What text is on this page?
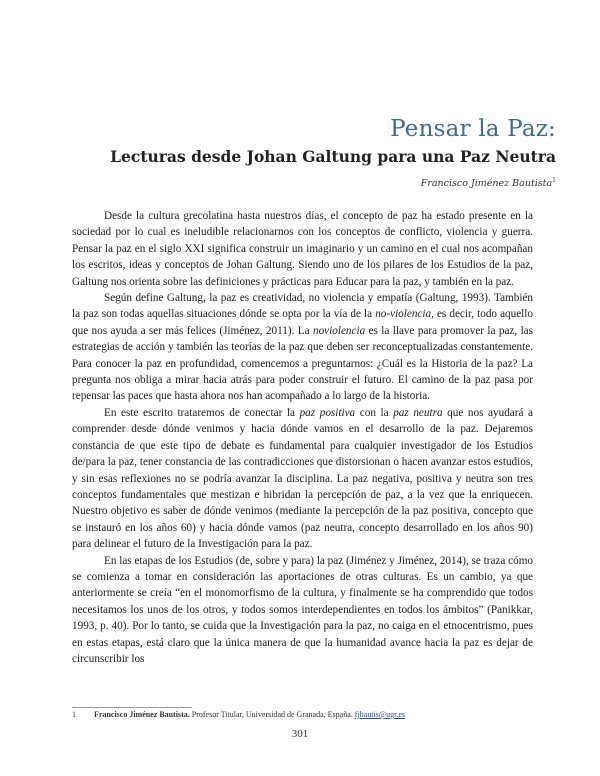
Pensar la Paz:
Lecturas desde Johan Galtung para una Paz Neutra
Francisco Jiménez Bautista$^1$

Desde la cultura grecolatina hasta nuestros días, el concepto de paz ha estado presente en la sociedad por lo cual es ineludible relacionarnos con los conceptos de conflicto, violencia y guerra. Pensar la paz en el siglo XXI significa construir un imaginario y un camino en el cual nos acompañan los escritos, ideas y conceptos de Johan Galtung. Siendo uno de los pilares de los Estudios de la paz, Galtung nos orienta sobre las definiciones y prácticas para Educar para la paz, y también en la paz.

Según define Galtung, la paz es creatividad, no violencia y empatía (Galtung, 1993). También la paz son todas aquellas situaciones dónde se opta por la vía de la no-violencia, es decir, todo aquello que nos ayuda a ser más felices (Jiménez, 2011). La noviolencia es la llave para promover la paz, las estrategias de acción y también las teorías de la paz que deben ser reconceptualizadas constantemente. Para conocer la paz en profundidad, comencemos a preguntarnos: ¿Cuál es la Historia de la paz? La pregunta nos obliga a mirar hacia atrás para poder construir el futuro. El camino de la paz pasa por repensar las paces que hasta ahora nos han acompañado a lo largo de la historia.

En este escrito trataremos de conectar la paz positiva con la paz neutra que nos ayudará a comprender desde dónde venimos y hacia dónde vamos en el desarrollo de la paz. Dejaremos constancia de que este tipo de debate es fundamental para cualquier investigador de los Estudios de/para la paz, tener constancia de las contradicciones que distorsionan o hacen avanzar estos estudios, y sin esas reflexiones no se podría avanzar la disciplina. La paz negativa, positiva y neutra son tres conceptos fundamentales que mestizan e hibridan la percepción de paz, a la vez que la enriquecen. Nuestro objetivo es saber de dónde venimos (mediante la percepción de la paz positiva, concepto que se instauró en los años 60) y hacia dónde vamos (paz neutra, concepto desarrollado en los años 90) para delinear el futuro de la Investigación para la paz.

En las etapas de los Estudios (de, sobre y para) la paz (Jiménez y Jiménez, 2014), se traza cómo se comienza a tomar en consideración las aportaciones de otras culturas. Es un cambio, ya que anteriormente se creía “en el monomorfismo de la cultura, y finalmente se ha comprendido que todos necesitamos los unos de los otros, y todos somos interdependientes en todos los ámbitos” (Panikkar, 1993, p. 40). Por lo tanto, se cuida que la Investigación para la paz, no caiga en el etnocentrismo, pues en estas etapas, está claro que la única manera de que la humanidad avance hacia la paz es dejar de circunscribir los

1 Francisco Jiménez Bautista. Profesor Titular, Universidad de Granada, España. fjbautis@ugr.es
301
